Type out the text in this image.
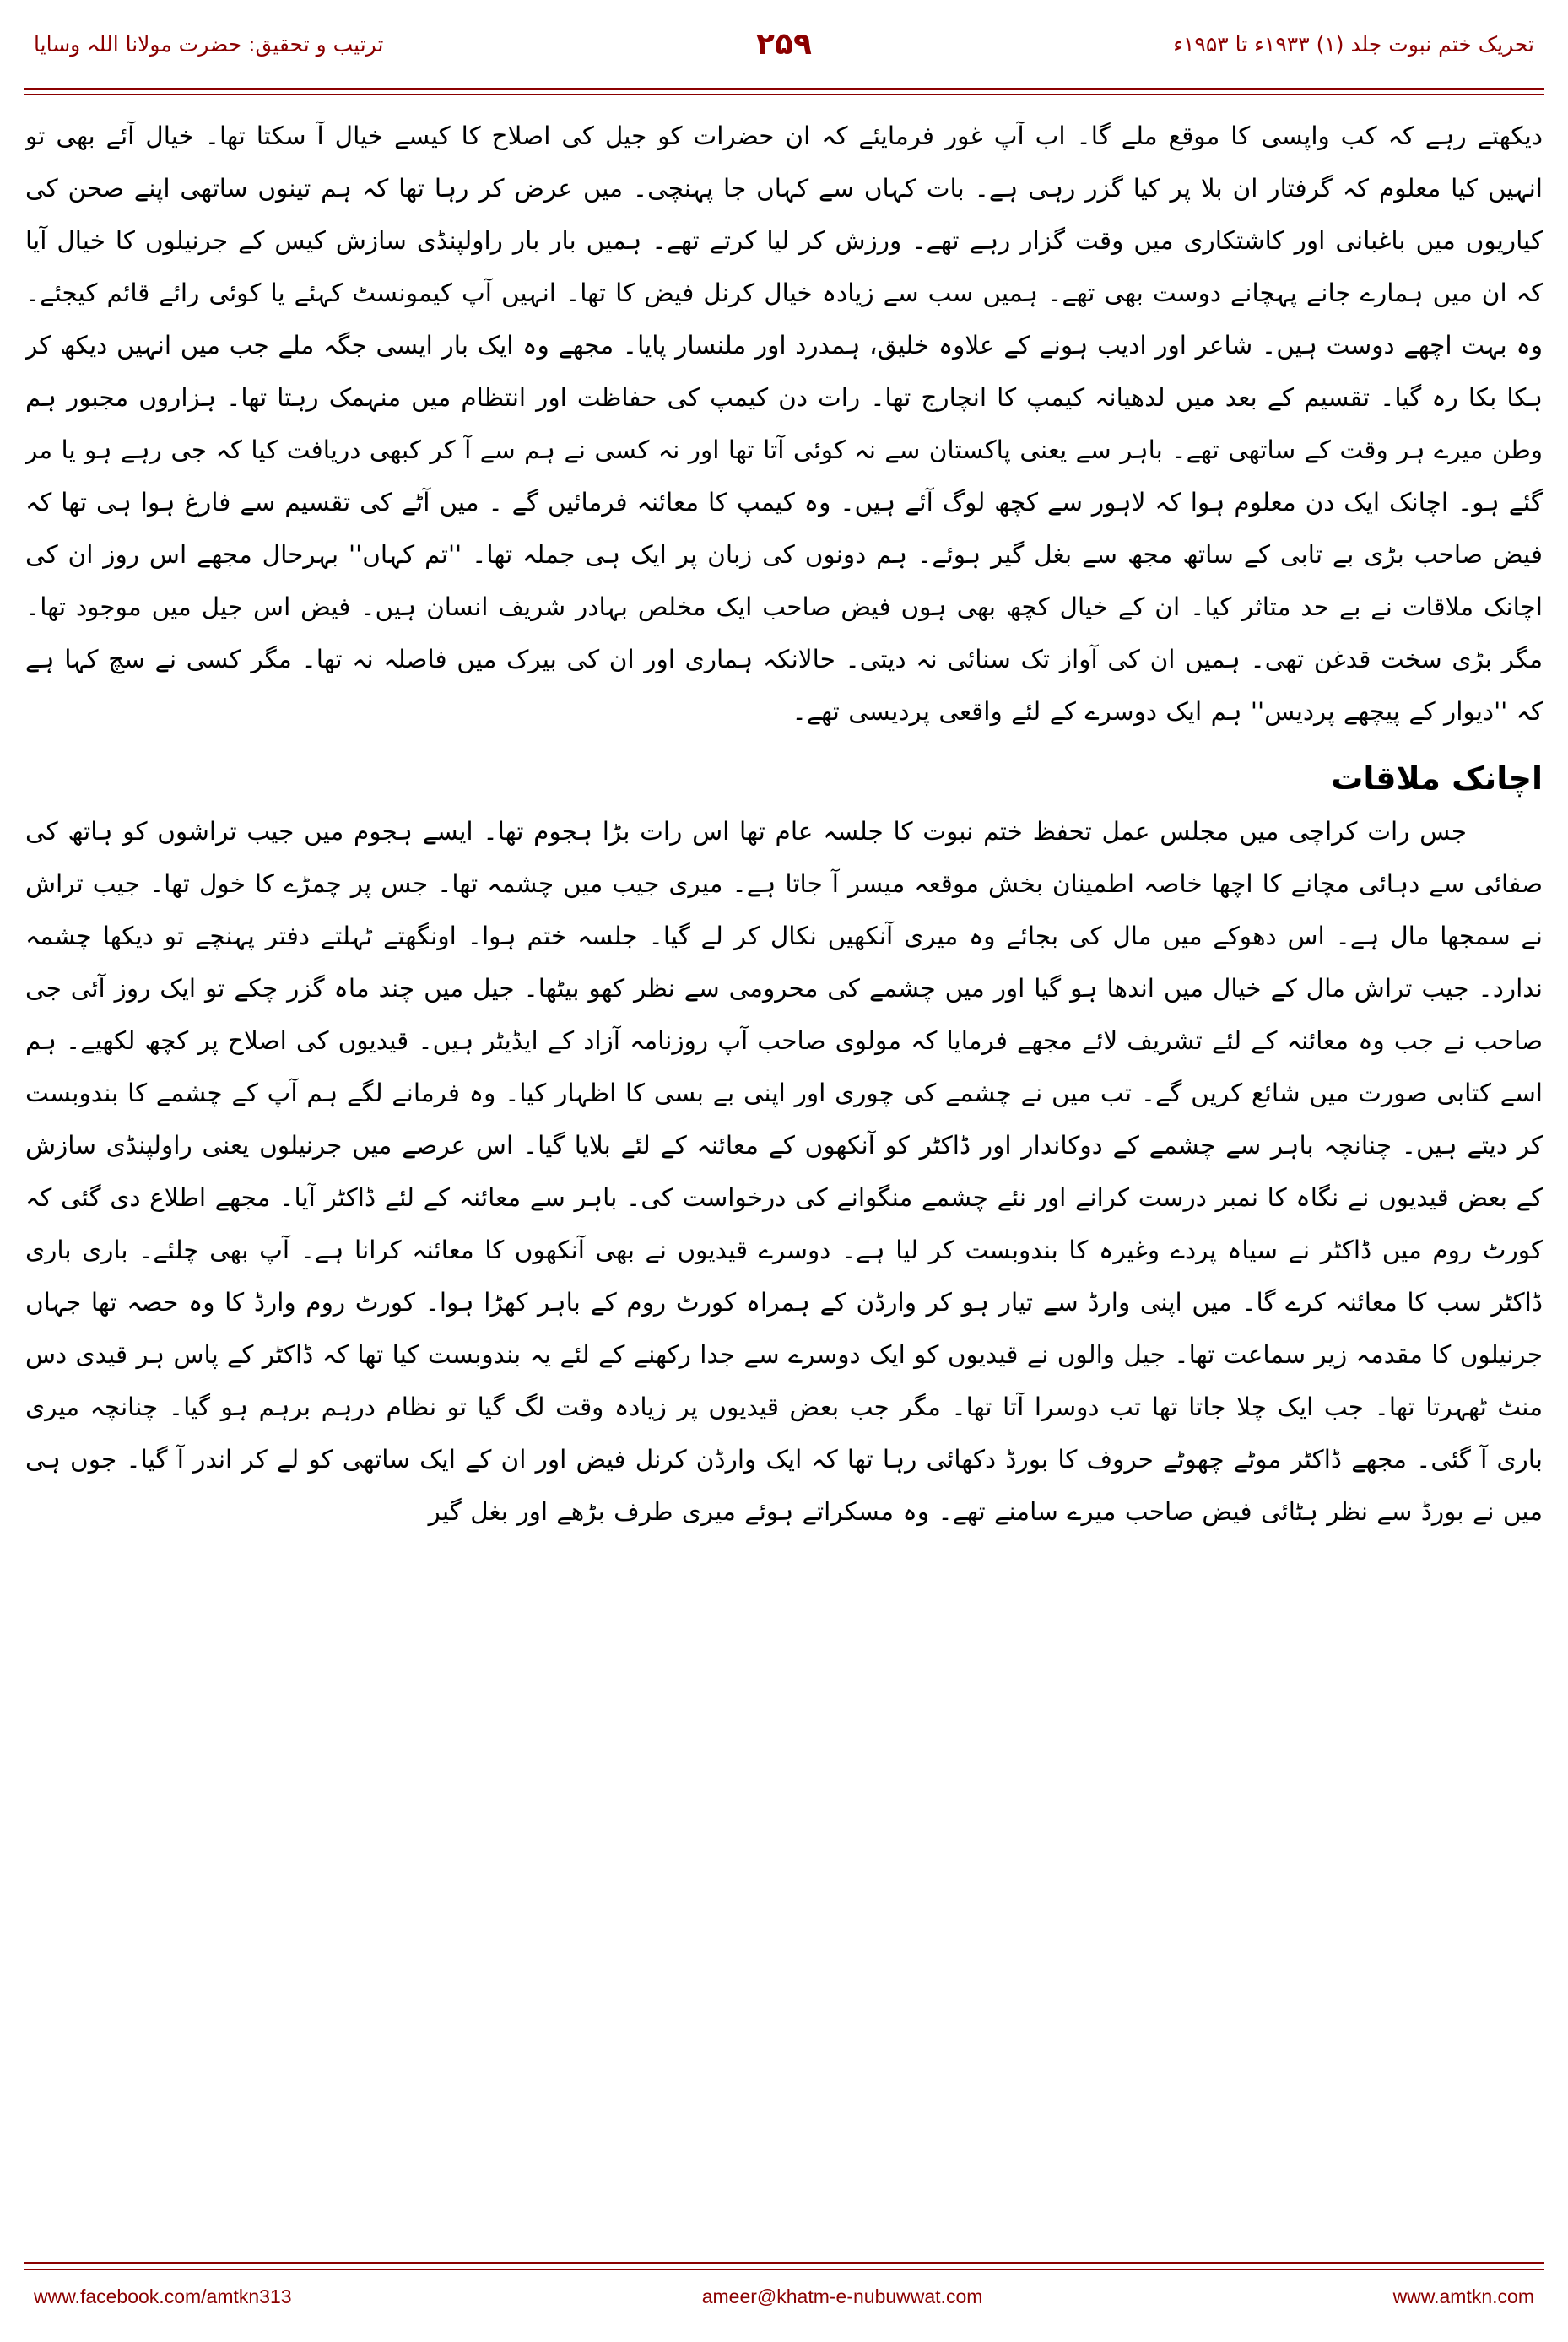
تحریک ختم نبوت جلد (۱) ۱۹۳۳ء تا ۱۹۵۳ء
ترتیب و تحقیق: حضرت مولانا اللہ وسایا	۲۵۹

دیکھتے رہے کہ کب واپسی کا موقع ملے گا۔ اب آپ غور فرمایئے کہ ان حضرات کو جیل کی اصلاح کا کیسے خیال آ سکتا تھا۔ خیال آئے بھی تو انہیں کیا معلوم کہ گرفتار ان بلا پر کیا گزر رہی ہے۔ بات کہاں سے کہاں جا پہنچی۔ میں عرض کر رہا تھا کہ ہم تینوں ساتھی اپنے صحن کی کیاریوں میں باغبانی اور کاشتکاری میں وقت گزار رہے تھے۔ ورزش کر لیا کرتے تھے۔ ہمیں بار بار راولپنڈی سازش کیس کے جرنیلوں کا خیال آیا کہ ان میں ہمارے جانے پہچانے دوست بھی تھے۔ ہمیں سب سے زیادہ خیال کرنل فیض کا تھا۔ انہیں آپ کیمونسٹ کہئے یا کوئی رائے قائم کیجئے۔ وہ بہت اچھے دوست ہیں۔ شاعر اور ادیب ہونے کے علاوہ خلیق، ہمدرد اور ملنسار پایا۔ مجھے وہ ایک بار ایسی جگہ ملے جب میں انہیں دیکھ کر ہکا بکا رہ گیا۔ تقسیم کے بعد میں لدھیانہ کیمپ کا انچارج تھا۔ رات دن کیمپ کی حفاظت اور انتظام میں منہمک رہتا تھا۔ ہزاروں مجبور ہم وطن میرے ہر وقت کے ساتھی تھے۔ باہر سے یعنی پاکستان سے نہ کوئی آتا تھا اور نہ کسی نے ہم سے آ کر کبھی دریافت کیا کہ جی رہے ہو یا مر گئے ہو۔ اچانک ایک دن معلوم ہوا کہ لاہور سے کچھ لوگ آئے ہیں۔ وہ کیمپ کا معائنہ فرمائیں گے ۔ میں آٹے کی تقسیم سے فارغ ہوا ہی تھا کہ فیض صاحب بڑی بے تابی کے ساتھ مجھ سے بغل گیر ہوئے۔ ہم دونوں کی زبان پر ایک ہی جملہ تھا۔ ''تم کہاں'' بہرحال مجھے اس روز ان کی اچانک ملاقات نے بے حد متاثر کیا۔ ان کے خیال کچھ بھی ہوں فیض صاحب ایک مخلص بہادر شریف انسان ہیں۔ فیض اس جیل میں موجود تھا۔ مگر بڑی سخت قدغن تھی۔ ہمیں ان کی آواز تک سنائی نہ دیتی۔ حالانکہ ہماری اور ان کی بیرک میں فاصلہ نہ تھا۔ مگر کسی نے سچ کہا ہے کہ ''دیوار کے پیچھے پردیس'' ہم ایک دوسرے کے لئے واقعی پردیسی تھے۔

اچانک ملاقات

جس رات کراچی میں مجلس عمل تحفظ ختم نبوت کا جلسہ عام تھا اس رات بڑا ہجوم تھا۔ ایسے ہجوم میں جیب تراشوں کو ہاتھ کی صفائی سے دہائی مچانے کا اچھا خاصہ اطمینان بخش موقعہ میسر آ جاتا ہے۔ میری جیب میں چشمہ تھا۔ جس پر چمڑے کا خول تھا۔ جیب تراش نے سمجھا مال ہے۔ اس دھوکے میں مال کی بجائے وہ میری آنکھیں نکال کر لے گیا۔ جلسہ ختم ہوا۔ اونگھتے ٹہلتے دفتر پہنچے تو دیکھا چشمہ ندارد۔ جیب تراش مال کے خیال میں اندھا ہو گیا اور میں چشمے کی محرومی سے نظر کھو بیٹھا۔ جیل میں چند ماہ گزر چکے تو ایک روز آئی جی صاحب نے جب وہ معائنہ کے لئے تشریف لائے مجھے فرمایا کہ مولوی صاحب آپ روزنامہ آزاد کے ایڈیٹر ہیں۔ قیدیوں کی اصلاح پر کچھ لکھیے۔ ہم اسے کتابی صورت میں شائع کریں گے۔ تب میں نے چشمے کی چوری اور اپنی بے بسی کا اظہار کیا۔ وہ فرمانے لگے ہم آپ کے چشمے کا بندوبست کر دیتے ہیں۔ چنانچہ باہر سے چشمے کے دوکاندار اور ڈاکٹر کو آنکھوں کے معائنہ کے لئے بلایا گیا۔ اس عرصے میں جرنیلوں یعنی راولپنڈی سازش کے بعض قیدیوں نے نگاہ کا نمبر درست کرانے اور نئے چشمے منگوانے کی درخواست کی۔ باہر سے معائنہ کے لئے ڈاکٹر آیا۔ مجھے اطلاع دی گئی کہ کورٹ روم میں ڈاکٹر نے سیاہ پردے وغیرہ کا بندوبست کر لیا ہے۔ دوسرے قیدیوں نے بھی آنکھوں کا معائنہ کرانا ہے۔ آپ بھی چلئے۔ باری باری ڈاکٹر سب کا معائنہ کرے گا۔ میں اپنی وارڈ سے تیار ہو کر وارڈن کے ہمراہ کورٹ روم کے باہر کھڑا ہوا۔ کورٹ روم وارڈ کا وہ حصہ تھا جہاں جرنیلوں کا مقدمہ زیر سماعت تھا۔ جیل والوں نے قیدیوں کو ایک دوسرے سے جدا رکھنے کے لئے یہ بندوبست کیا تھا کہ ڈاکٹر کے پاس ہر قیدی دس منٹ ٹھہرتا تھا۔ جب ایک چلا جاتا تھا تب دوسرا آتا تھا۔ مگر جب بعض قیدیوں پر زیادہ وقت لگ گیا تو نظام درہم برہم ہو گیا۔ چنانچہ میری باری آ گئی۔ مجھے ڈاکٹر موٹے چھوٹے حروف کا بورڈ دکھائی رہا تھا کہ ایک وارڈن کرنل فیض اور ان کے ایک ساتھی کو لے کر اندر آ گیا۔ جوں ہی میں نے بورڈ سے نظر ہٹائی فیض صاحب میرے سامنے تھے۔ وہ مسکراتے ہوئے میری طرف بڑھے اور بغل گیر

www.amtkn.com
ameer@khatm-e-nubuwwat.com
www.facebook.com/amtkn313
